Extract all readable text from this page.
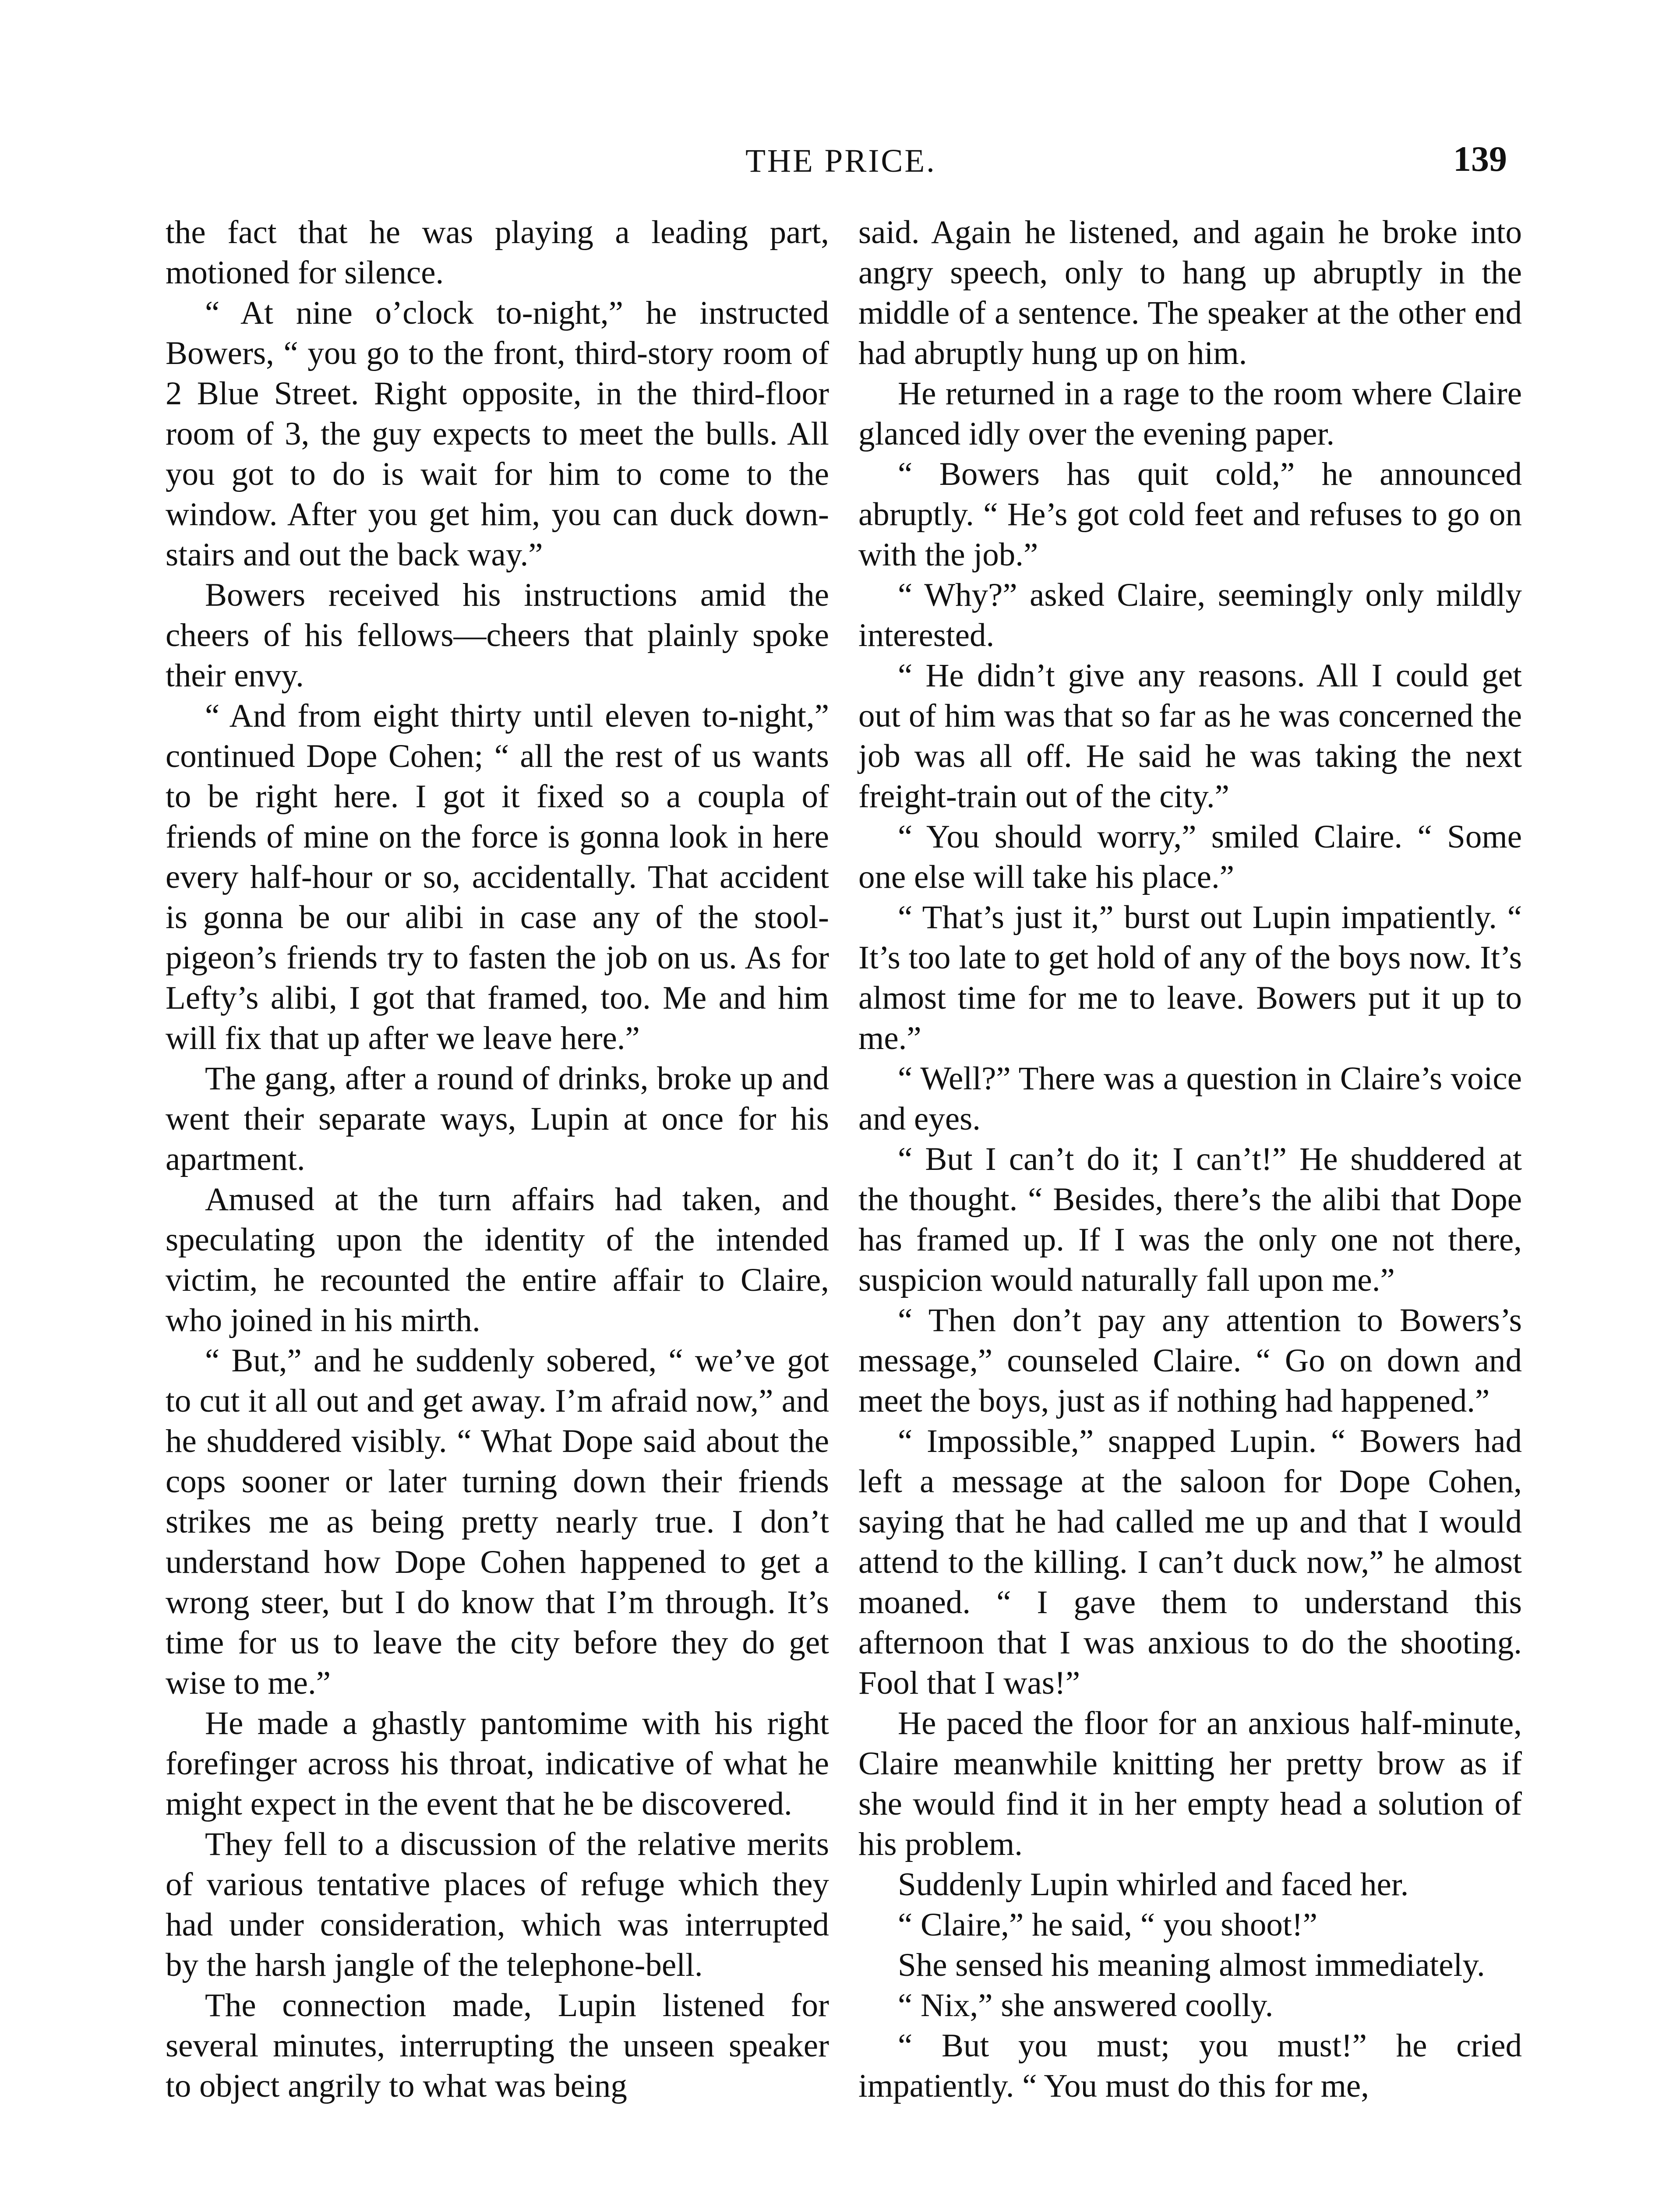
THE PRICE.	139

the fact that he was playing a leading part, motioned for silence.

“ At nine o’clock to-night,” he instructed Bowers, “ you go to the front, third-story room of 2 Blue Street. Right opposite, in the third-floor room of 3, the guy expects to meet the bulls. All you got to do is wait for him to come to the window. After you get him, you can duck down-stairs and out the back way.”

Bowers received his instructions amid the cheers of his fellows—cheers that plainly spoke their envy.

“ And from eight thirty until eleven to-night,” continued Dope Cohen; “ all the rest of us wants to be right here. I got it fixed so a coupla of friends of mine on the force is gonna look in here every half-hour or so, accidentally. That accident is gonna be our alibi in case any of the stool-pigeon’s friends try to fasten the job on us. As for Lefty’s alibi, I got that framed, too. Me and him will fix that up after we leave here.”

The gang, after a round of drinks, broke up and went their separate ways, Lupin at once for his apartment.

Amused at the turn affairs had taken, and speculating upon the identity of the intended victim, he recounted the entire affair to Claire, who joined in his mirth.

“ But,” and he suddenly sobered, “ we’ve got to cut it all out and get away. I’m afraid now,” and he shuddered visibly. “ What Dope said about the cops sooner or later turning down their friends strikes me as being pretty nearly true. I don’t understand how Dope Cohen happened to get a wrong steer, but I do know that I’m through. It’s time for us to leave the city before they do get wise to me.”

He made a ghastly pantomime with his right forefinger across his throat, indicative of what he might expect in the event that he be discovered.

They fell to a discussion of the relative merits of various tentative places of refuge which they had under consideration, which was interrupted by the harsh jangle of the telephone-bell.

The connection made, Lupin listened for several minutes, interrupting the unseen speaker to object angrily to what was being

said. Again he listened, and again he broke into angry speech, only to hang up abruptly in the middle of a sentence. The speaker at the other end had abruptly hung up on him.

He returned in a rage to the room where Claire glanced idly over the evening paper.

“ Bowers has quit cold,” he announced abruptly. “ He’s got cold feet and refuses to go on with the job.”

“ Why?” asked Claire, seemingly only mildly interested.

“ He didn’t give any reasons. All I could get out of him was that so far as he was concerned the job was all off. He said he was taking the next freight-train out of the city.”

“ You should worry,” smiled Claire. “ Some one else will take his place.”

“ That’s just it,” burst out Lupin impatiently. “ It’s too late to get hold of any of the boys now. It’s almost time for me to leave. Bowers put it up to me.”

“ Well?” There was a question in Claire’s voice and eyes.

“ But I can’t do it; I can’t!” He shuddered at the thought. “ Besides, there’s the alibi that Dope has framed up. If I was the only one not there, suspicion would naturally fall upon me.”

“ Then don’t pay any attention to Bowers’s message,” counseled Claire. “ Go on down and meet the boys, just as if nothing had happened.”

“ Impossible,” snapped Lupin. “ Bowers had left a message at the saloon for Dope Cohen, saying that he had called me up and that I would attend to the killing. I can’t duck now,” he almost moaned. “ I gave them to understand this afternoon that I was anxious to do the shooting. Fool that I was!”

He paced the floor for an anxious half-minute, Claire meanwhile knitting her pretty brow as if she would find it in her empty head a solution of his problem.

Suddenly Lupin whirled and faced her.

“ Claire,” he said, “ you shoot!”

She sensed his meaning almost immediately.

“ Nix,” she answered coolly.

“ But you must; you must!” he cried impatiently. “ You must do this for me,
